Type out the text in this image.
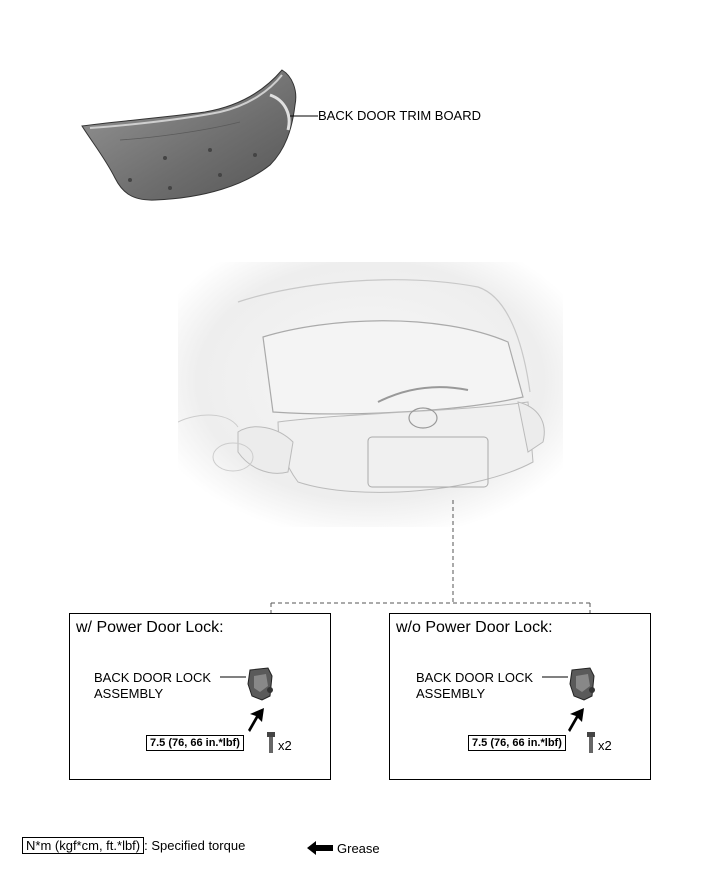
BACK DOOR TRIM BOARD
w/ Power Door Lock:
BACK DOOR LOCK
ASSEMBLY
7.5 (76, 66 in.*lbf)	x2
w/o Power Door Lock:
BACK DOOR LOCK
ASSEMBLY
7.5 (76, 66 in.*lbf)	x2
N*m (kgf*cm, ft.*lbf) : Specified torque	Grease
